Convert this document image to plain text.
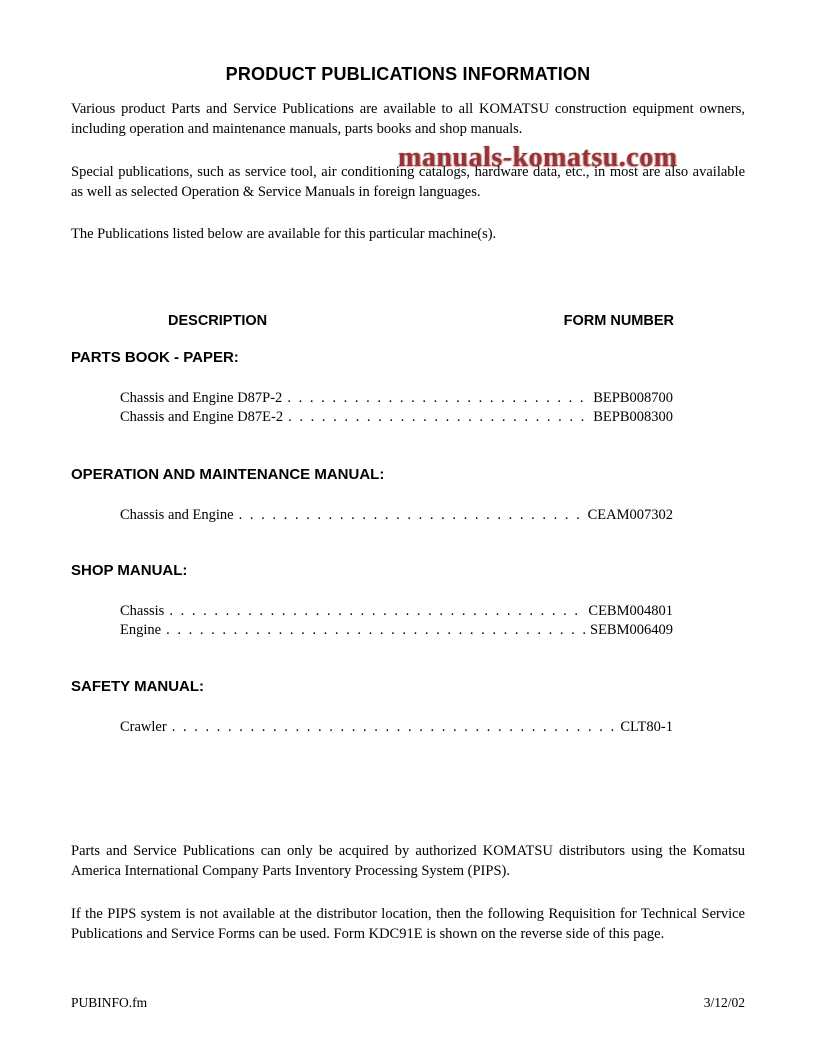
manuals-komatsu.com
PRODUCT PUBLICATIONS INFORMATION

Various product Parts and Service Publications are available to all KOMATSU construction equipment owners, including operation and maintenance manuals, parts books and shop manuals.

Special publications, such as service tool, air conditioning catalogs, hardware data, etc., in most are also available as well as selected Operation & Service Manuals in foreign languages.

The Publications listed below are available for this particular machine(s).

DESCRIPTION	FORM NUMBER
PARTS BOOK - PAPER:
Chassis and Engine D87P-2 . . .	BEPB008700
Chassis and Engine D87E-2 . . .	BEPB008300
OPERATION AND MAINTENANCE MANUAL:
Chassis and Engine . . .	CEAM007302
SHOP MANUAL:
Chassis . . .	CEBM004801
Engine . . .	SEBM006409
SAFETY MANUAL:
Crawler . . .	CLT80-1

Parts and Service Publications can only be acquired by authorized KOMATSU distributors using the Komatsu America International Company Parts Inventory Processing System (PIPS).

If the PIPS system is not available at the distributor location, then the following Requisition for Technical Service Publications and Service Forms can be used. Form KDC91E is shown on the reverse side of this page.

PUBINFO.fm	3/12/02
